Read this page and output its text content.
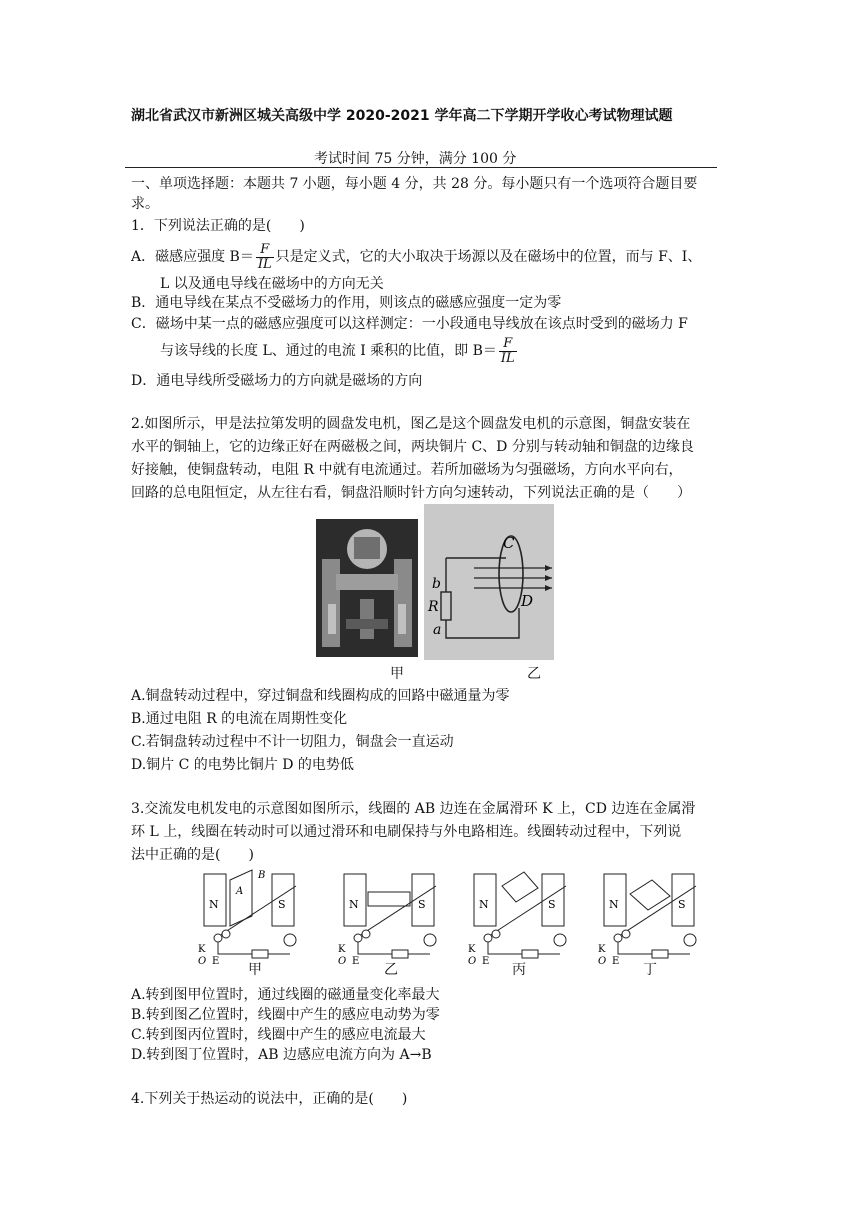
湖北省武汉市新洲区城关高级中学 2020-2021 学年高二下学期开学收心考试物理试题
考试时间 75 分钟，满分 100 分
一、单项选择题：本题共 7 小题，每小题 4 分，共 28 分。每小题只有一个选项符合题目要
求。
1．下列说法正确的是(　　)
A．磁感应强度 $B= \frac{F}{IL}$ 只是定义式，它的大小取决于场源以及在磁场中的位置，而与 F、I、
L 以及通电导线在磁场中的方向无关
B．通电导线在某点不受磁场力的作用，则该点的磁感应强度一定为零
C．磁场中某一点的磁感应强度可以这样测定：一小段通电导线放在该点时受到的磁场力 F
与该导线的长度 L、通过的电流 I 乘积的比值，即 $B= \frac{F}{IL}$
D．通电导线所受磁场力的方向就是磁场的方向
2.如图所示，甲是法拉第发明的圆盘发电机，图乙是这个圆盘发电机的示意图，铜盘安装在
水平的铜轴上，它的边缘正好在两磁极之间，两块铜片 C、D 分别与转动轴和铜盘的边缘良
好接触，使铜盘转动，电阻 R 中就有电流通过。若所加磁场为匀强磁场，方向水平向右，
回路的总电阻恒定，从左往右看，铜盘沿顺时针方向匀速转动，下列说法正确的是（　　）
C
D
b
R
a
甲	乙
A.铜盘转动过程中，穿过铜盘和线圈构成的回路中磁通量为零
B.通过电阻 R 的电流在周期性变化
C.若铜盘转动过程中不计一切阻力，铜盘会一直运动
D.铜片 C 的电势比铜片 D 的电势低
3.交流发电机发电的示意图如图所示，线圈的 AB 边连在金属滑环 K 上，CD 边连在金属滑
环 L 上，线圈在转动时可以通过滑环和电刷保持与外电路相连。线圈转动过程中，下列说
法中正确的是(　　)
N	S
K
O E
A
B
N	S
K
O E
N	S
K
O E
N	S
K
O E
甲	乙	丙	丁
A.转到图甲位置时，通过线圈的磁通量变化率最大
B.转到图乙位置时，线圈中产生的感应电动势为零
C.转到图丙位置时，线圈中产生的感应电流最大
D.转到图丁位置时，AB 边感应电流方向为 A→B
4.下列关于热运动的说法中，正确的是(　　)
